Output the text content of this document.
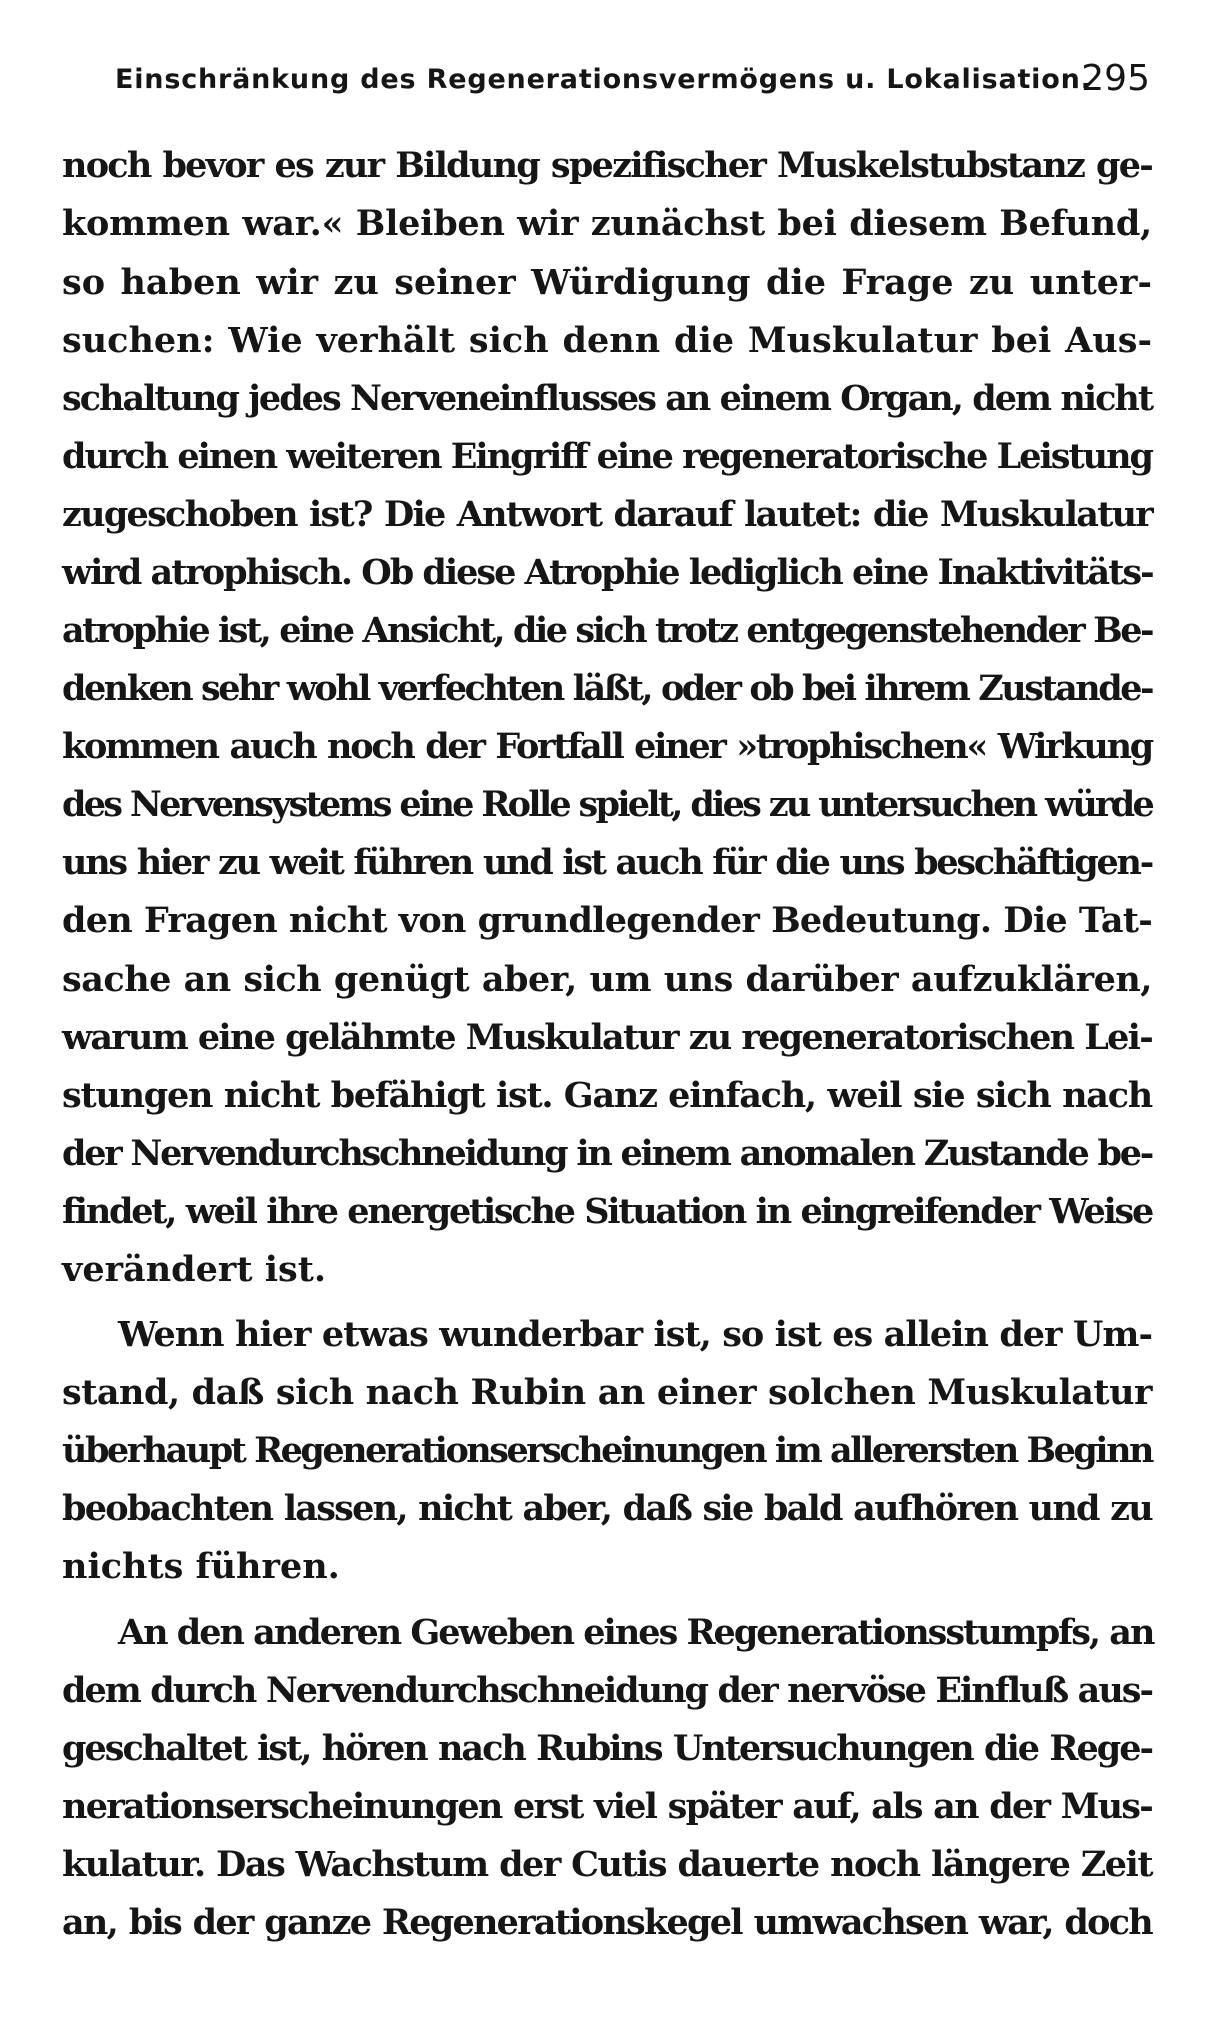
Einschränkung des Regenerationsvermögens u. Lokalisation.
295
noch bevor es zur Bildung spezifischer Muskelstubstanz ge-
kommen war.« Bleiben wir zunächst bei diesem Befund,
so haben wir zu seiner Würdigung die Frage zu unter-
suchen: Wie verhält sich denn die Muskulatur bei Aus-
schaltung jedes Nerveneinflusses an einem Organ, dem nicht
durch einen weiteren Eingriff eine regeneratorische Leistung
zugeschoben ist? Die Antwort darauf lautet: die Muskulatur
wird atrophisch. Ob diese Atrophie lediglich eine Inaktivitäts-
atrophie ist, eine Ansicht, die sich trotz entgegenstehender Be-
denken sehr wohl verfechten läßt, oder ob bei ihrem Zustande-
kommen auch noch der Fortfall einer »trophischen« Wirkung
des Nervensystems eine Rolle spielt, dies zu untersuchen würde
uns hier zu weit führen und ist auch für die uns beschäftigen-
den Fragen nicht von grundlegender Bedeutung. Die Tat-
sache an sich genügt aber, um uns darüber aufzuklären,
warum eine gelähmte Muskulatur zu regeneratorischen Lei-
stungen nicht befähigt ist. Ganz einfach, weil sie sich nach
der Nervendurchschneidung in einem anomalen Zustande be-
findet, weil ihre energetische Situation in eingreifender Weise
verändert ist.
Wenn hier etwas wunderbar ist, so ist es allein der Um-
stand, daß sich nach Rubin an einer solchen Muskulatur
überhaupt Regenerationserscheinungen im allerersten Beginn
beobachten lassen, nicht aber, daß sie bald aufhören und zu
nichts führen.
An den anderen Geweben eines Regenerationsstumpfs, an
dem durch Nervendurchschneidung der nervöse Einfluß aus-
geschaltet ist, hören nach Rubins Untersuchungen die Rege-
nerationserscheinungen erst viel später auf, als an der Mus-
kulatur. Das Wachstum der Cutis dauerte noch längere Zeit
an, bis der ganze Regenerationskegel umwachsen war, doch
